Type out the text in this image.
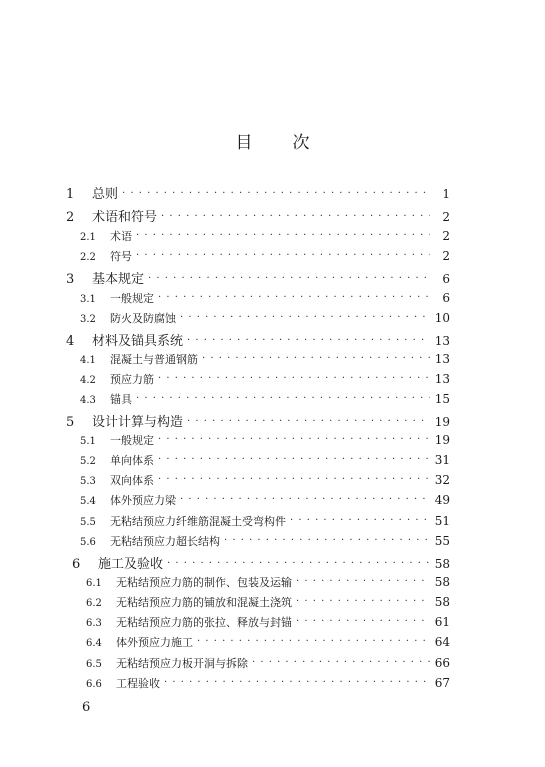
目 次
1	总则 · · ·	1
2	术语和符号 · · ·	2
2.1	术语 · · ·	2
2.2	符号 · · ·	2
3	基本规定 · · ·	6
3.1	一般规定 · · ·	6
3.2	防火及防腐蚀 · · ·	10
4	材料及锚具系统 · · ·	13
4.1	混凝土与普通钢筋 · · ·	13
4.2	预应力筋 · · ·	13
4.3	锚具 · · ·	15
5	设计计算与构造 · · ·	19
5.1	一般规定 · · ·	19
5.2	单向体系 · · ·	31
5.3	双向体系 · · ·	32
5.4	体外预应力梁 · · ·	49
5.5	无粘结预应力纤维筋混凝土受弯构件 · · ·	51
5.6	无粘结预应力超长结构 · · ·	55
6	施工及验收 · · ·	58
6.1	无粘结预应力筋的制作、包装及运输 · · ·	58
6.2	无粘结预应力筋的铺放和混凝土浇筑 · · ·	58
6.3	无粘结预应力筋的张拉、释放与封锚 · · ·	61
6.4	体外预应力施工 · · ·	64
6.5	无粘结预应力板开洞与拆除 · · ·	66
6.6	工程验收 · · ·	67
6
